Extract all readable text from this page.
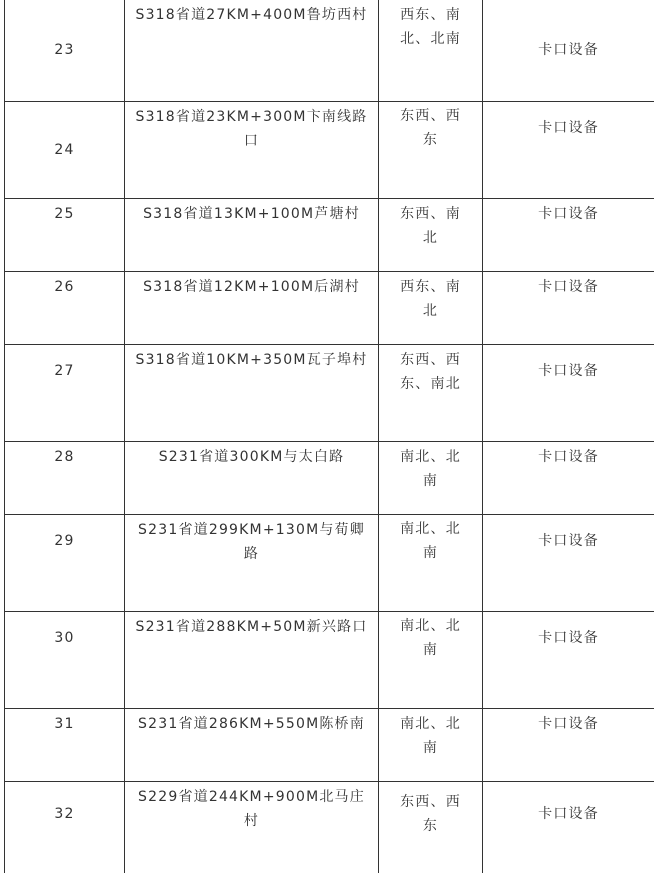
23	S318省道27KM+400M鲁坊西村	西东、南北、北南	卡口设备
24	S318省道23KM+300M卞南线路口	东西、西东	卡口设备
25	S318省道13KM+100M芦塘村	东西、南北	卡口设备
26	S318省道12KM+100M后湖村	西东、南北	卡口设备
27	S318省道10KM+350M瓦子埠村	东西、西东、南北	卡口设备
28	S231省道300KM与太白路	南北、北南	卡口设备
29	S231省道299KM+130M与荀卿路	南北、北南	卡口设备
30	S231省道288KM+50M新兴路口	南北、北南	卡口设备
31	S231省道286KM+550M陈桥南	南北、北南	卡口设备
32	S229省道244KM+900M北马庄村	东西、西东	卡口设备
